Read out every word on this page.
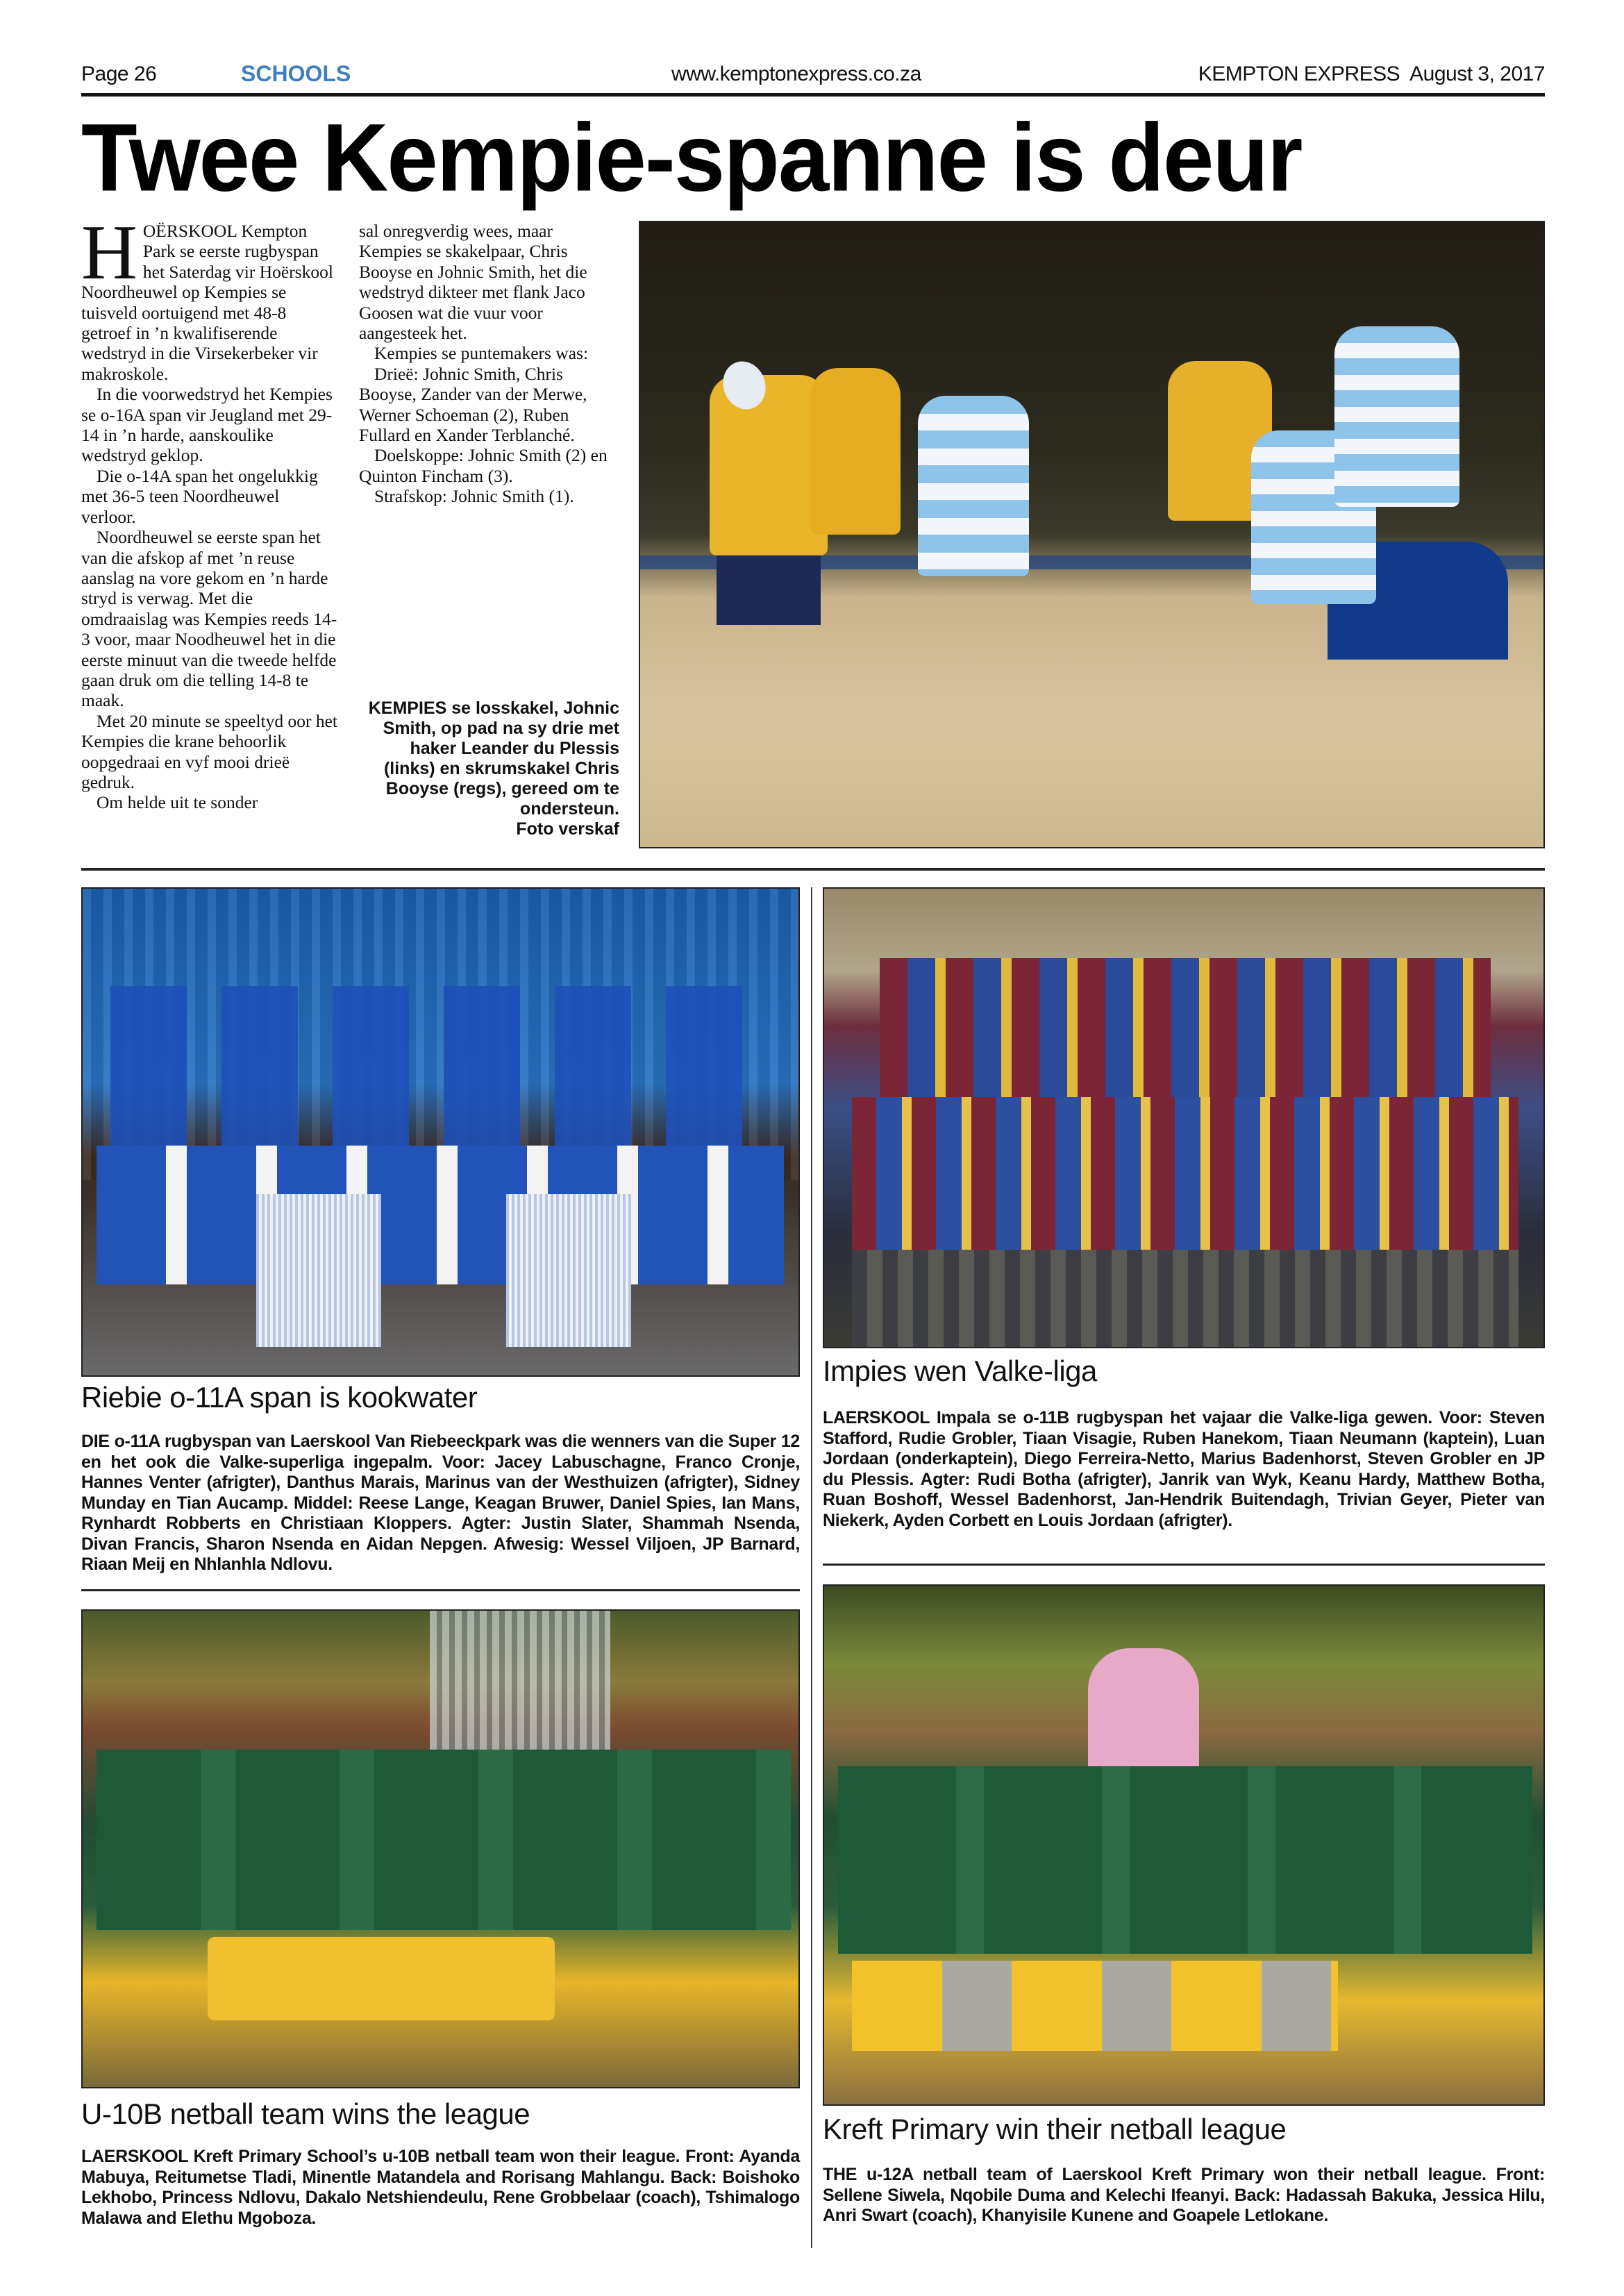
Page 26	SCHOOLS	www.kemptonexpress.co.za	KEMPTON EXPRESS August 3, 2017
Twee Kempie-spanne is deur

HOËRSKOOL Kempton Park se eerste rugbyspan het Saterdag vir Hoërskool Noordheuwel op Kempies se tuisveld oortuigend met 48-8 getroef in ’n kwalifiserende wedstryd in die Virsekerbeker vir makroskole.

In die voorwedstryd het Kempies se o-16A span vir Jeugland met 29-14 in ’n harde, aanskoulike wedstryd geklop.

Die o-14A span het ongelukkig met 36-5 teen Noordheuwel verloor.

Noordheuwel se eerste span het van die afskop af met ’n reuse aanslag na vore gekom en ’n harde stryd is verwag. Met die omdraaislag was Kempies reeds 14-3 voor, maar Noodheuwel het in die eerste minuut van die tweede helfde gaan druk om die telling 14-8 te maak.

Met 20 minute se speeltyd oor het Kempies die krane behoorlik oopgedraai en vyf mooi drieë gedruk.

Om helde uit te sonder

sal onregverdig wees, maar Kempies se skakelpaar, Chris Booyse en Johnic Smith, het die wedstryd dikteer met flank Jaco Goosen wat die vuur voor aangesteek het.

Kempies se puntemakers was:

Drieë: Johnic Smith, Chris Booyse, Zander van der Merwe, Werner Schoeman (2), Ruben Fullard en Xander Terblanché.

Doelskoppe: Johnic Smith (2) en Quinton Fincham (3).

Strafskop: Johnic Smith (1).

KEMPIES se losskakel, Johnic Smith, op pad na sy drie met haker Leander du Plessis (links) en skrumskakel Chris Booyse (regs), gereed om te ondersteun.
Foto verskaf
Riebie o-11A span is kookwater
DIE o-11A rugbyspan van Laerskool Van Riebeeckpark was die wenners van die Super 12 en het ook die Valke-superliga ingepalm. Voor: Jacey Labuschagne, Franco Cronje, Hannes Venter (afrigter), Danthus Marais, Marinus van der Westhuizen (afrigter), Sidney Munday en Tian Aucamp. Middel: Reese Lange, Keagan Bruwer, Daniel Spies, Ian Mans, Rynhardt Robberts en Christiaan Kloppers. Agter: Justin Slater, Shammah Nsenda, Divan Francis, Sharon Nsenda en Aidan Nepgen. Afwesig: Wessel Viljoen, JP Barnard, Riaan Meij en Nhlanhla Ndlovu.
Impies wen Valke-liga
LAERSKOOL Impala se o-11B rugbyspan het vajaar die Valke-liga gewen. Voor: Steven Stafford, Rudie Grobler, Tiaan Visagie, Ruben Hanekom, Tiaan Neumann (kaptein), Luan Jordaan (onderkaptein), Diego Ferreira-Netto, Marius Badenhorst, Steven Grobler en JP du Plessis. Agter: Rudi Botha (afrigter), Janrik van Wyk, Keanu Hardy, Matthew Botha, Ruan Boshoff, Wessel Badenhorst, Jan-Hendrik Buitendagh, Trivian Geyer, Pieter van Niekerk, Ayden Corbett en Louis Jordaan (afrigter).
U-10B netball team wins the league
LAERSKOOL Kreft Primary School’s u-10B netball team won their league. Front: Ayanda Mabuya, Reitumetse Tladi, Minentle Matandela and Rorisang Mahlangu. Back: Boishoko Lekhobo, Princess Ndlovu, Dakalo Netshiendeulu, Rene Grobbelaar (coach), Tshimalogo Malawa and Elethu Mgoboza.
Kreft Primary win their netball league
THE u-12A netball team of Laerskool Kreft Primary won their netball league. Front: Sellene Siwela, Nqobile Duma and Kelechi Ifeanyi. Back: Hadassah Bakuka, Jessica Hilu, Anri Swart (coach), Khanyisile Kunene and Goapele Letlokane.
